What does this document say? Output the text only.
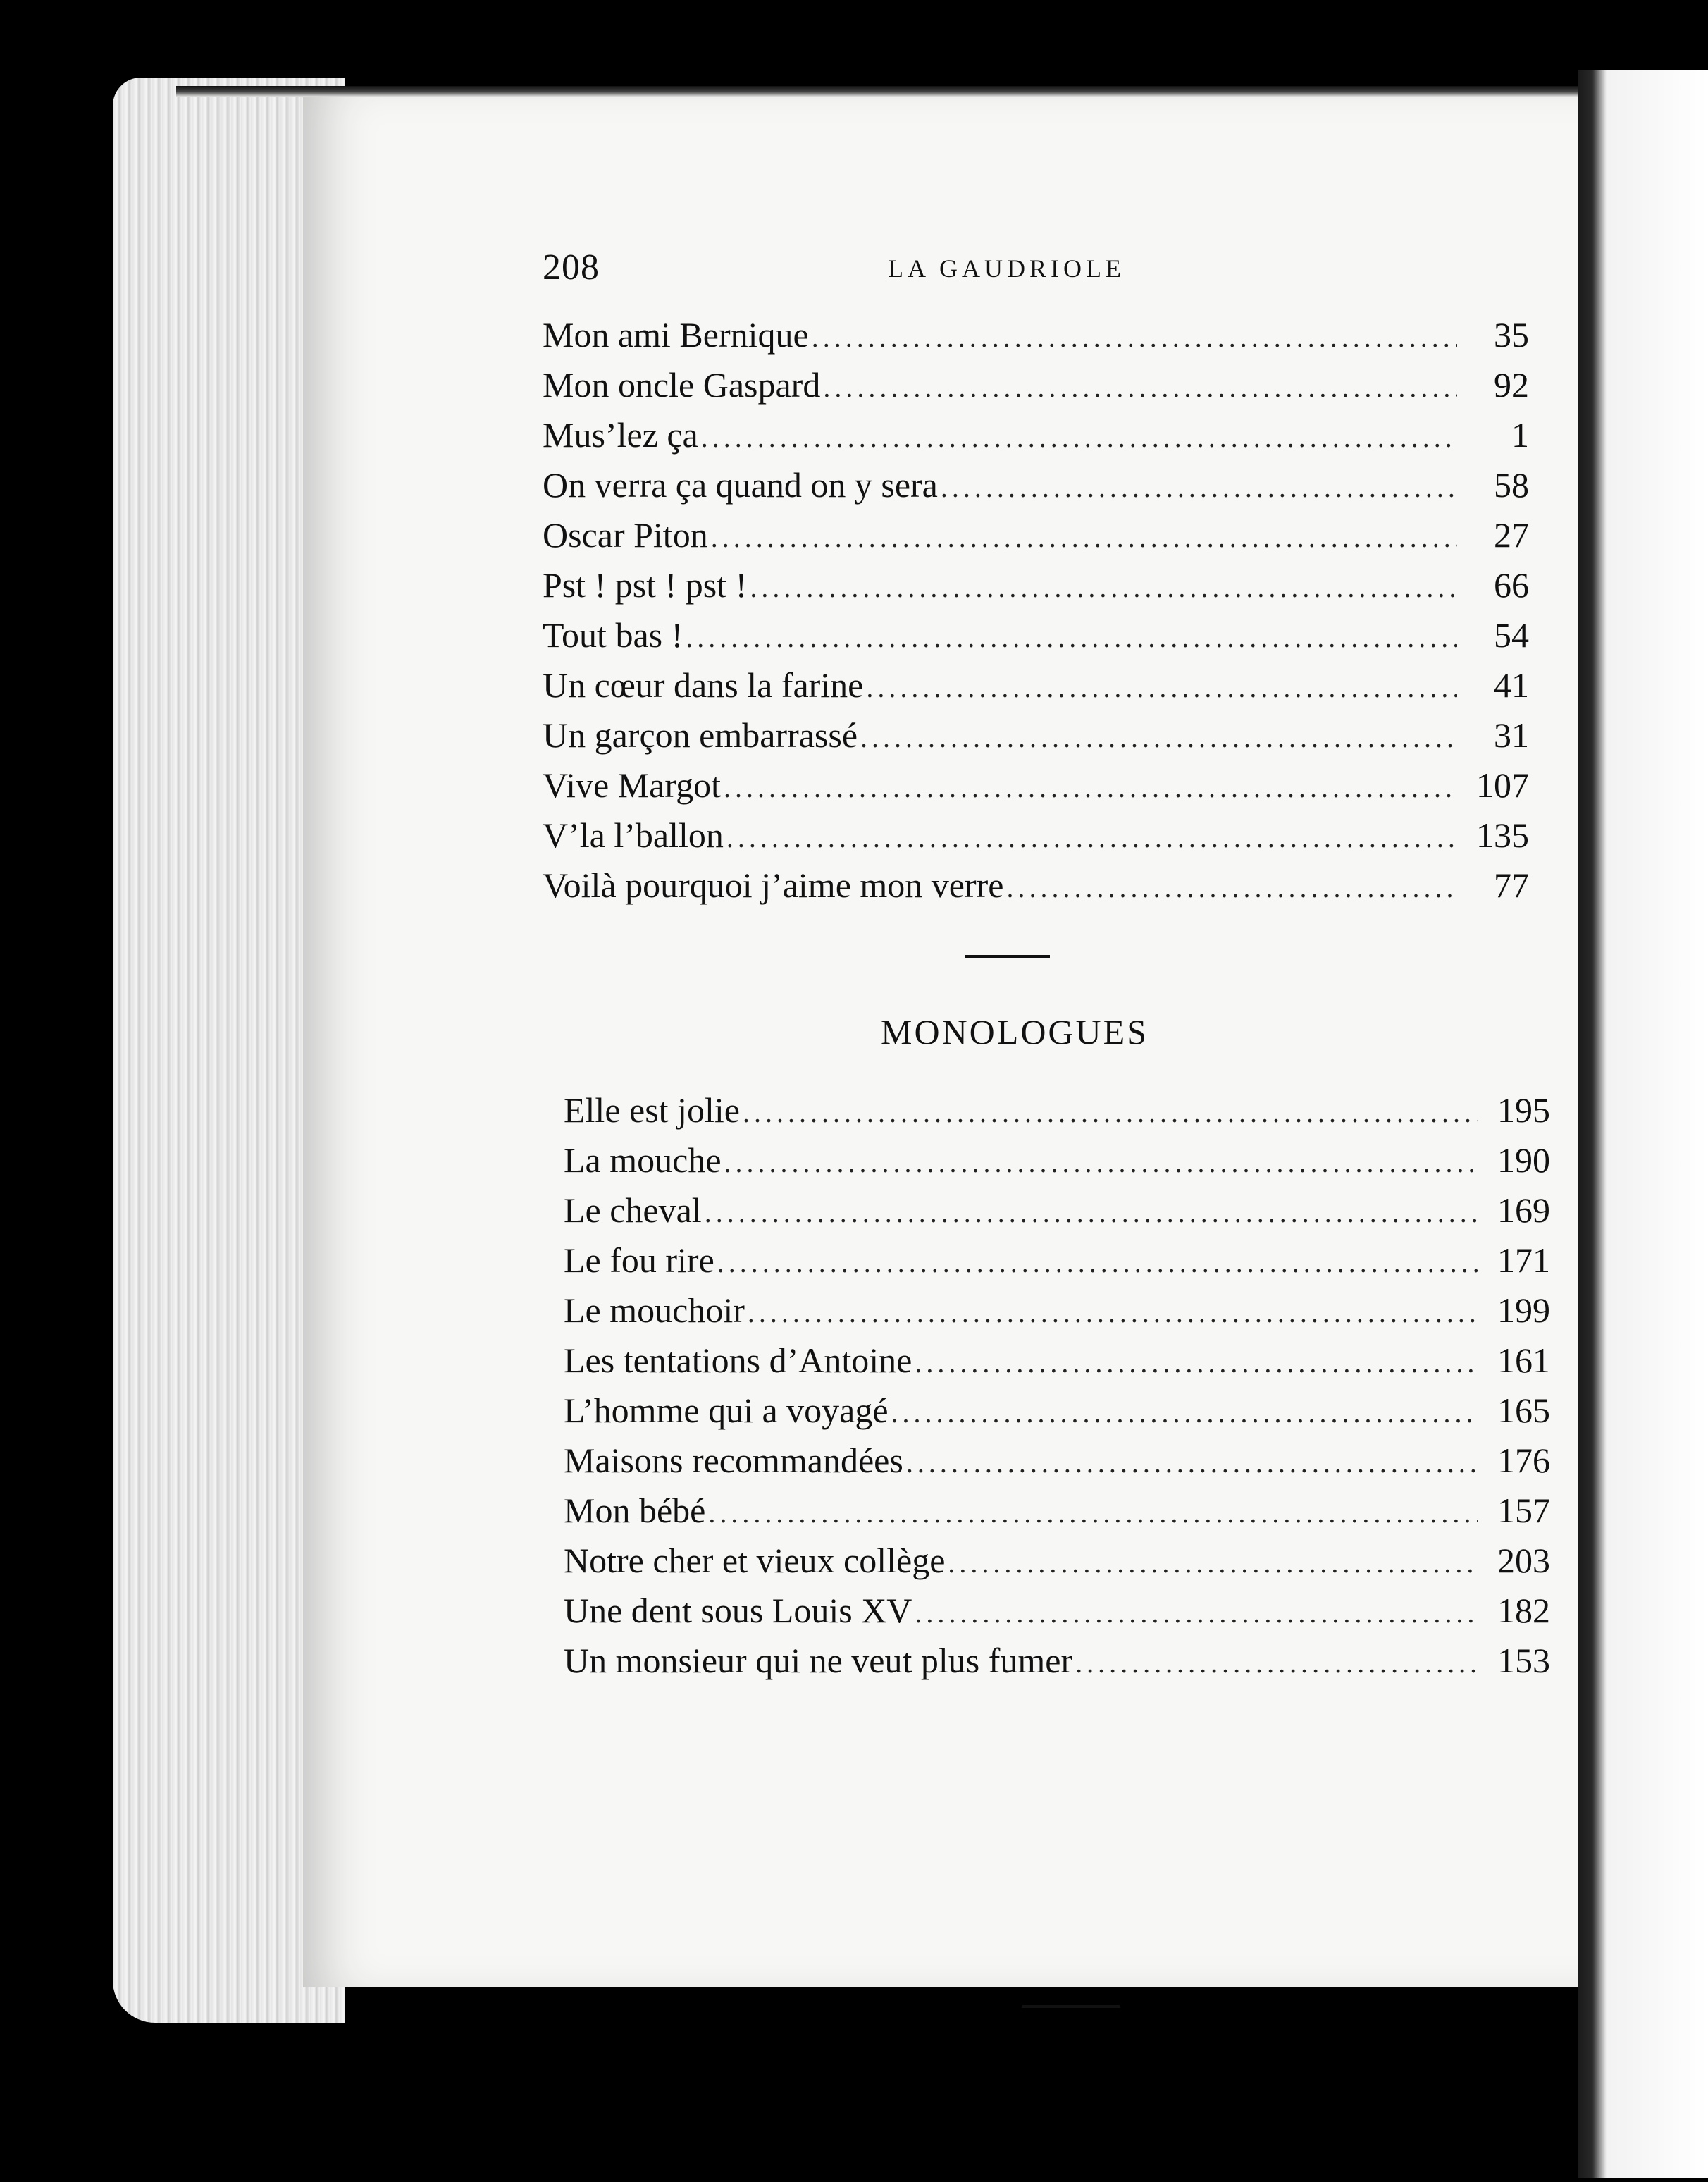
208	LA GAUDRIOLE
Mon ami Bernique .....	35
Mon oncle Gaspard .....	92
Mus’lez ça .....	1
On verra ça quand on y sera .....	58
Oscar Piton .....	27
Pst ! pst ! pst ! .....	66
Tout bas ! .....	54
Un cœur dans la farine .....	41
Un garçon embarrassé .....	31
Vive Margot .....	107
V’la l’ballon .....	135
Voilà pourquoi j’aime mon verre .....	77
MONOLOGUES
Elle est jolie .....	195
La mouche .....	190
Le cheval .....	169
Le fou rire .....	171
Le mouchoir .....	199
Les tentations d’Antoine .....	161
L’homme qui a voyagé .....	165
Maisons recommandées .....	176
Mon bébé .....	157
Notre cher et vieux collège .....	203
Une dent sous Louis XV .....	182
Un monsieur qui ne veut plus fumer .....	153
